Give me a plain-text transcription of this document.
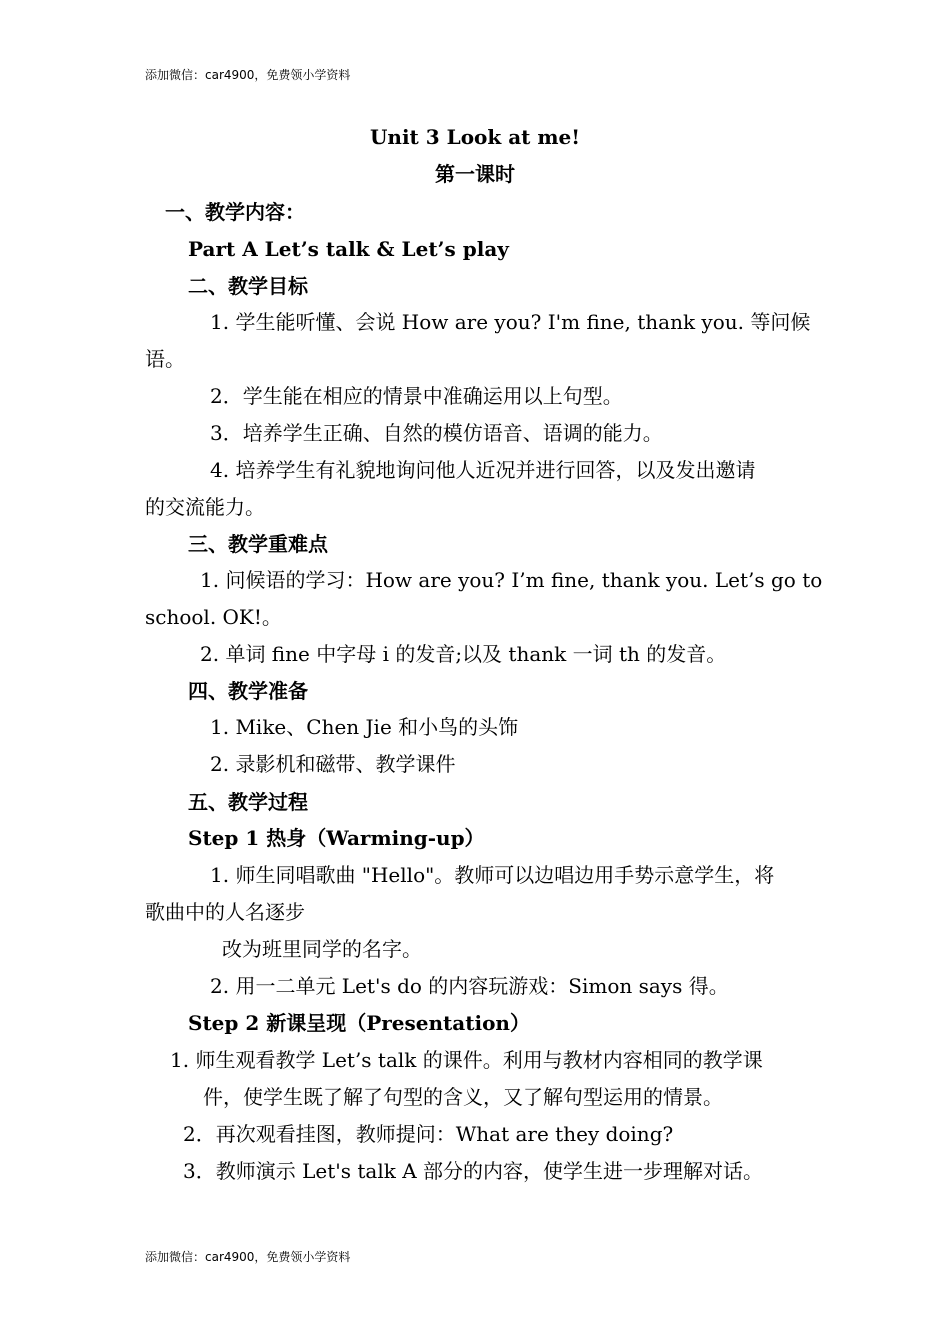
添加微信：car4900，免费领小学资料
Unit 3 Look at me!
第一课时
一、教学内容：
Part A Let’s talk & Let’s play
二、教学目标
1. 学生能听懂、会说 How are you? I'm fine, thank you. 等问候
语。
2．学生能在相应的情景中准确运用以上句型。
3．培养学生正确、自然的模仿语音、语调的能力。
4. 培养学生有礼貌地询问他人近况并进行回答，以及发出邀请
的交流能力。
三、教学重难点
1. 问候语的学习：How are you? I’m fine, thank you. Let’s go to
school. OK!。
2. 单词 fine 中字母 i 的发音;以及 thank 一词 th 的发音。
四、教学准备
1. Mike、Chen Jie 和小鸟的头饰
2. 录影机和磁带、教学课件
五、教学过程
Step 1 热身（Warming-up）
1. 师生同唱歌曲 "Hello"。教师可以边唱边用手势示意学生，将
歌曲中的人名逐步
改为班里同学的名字。
2. 用一二单元 Let's do 的内容玩游戏：Simon says 得。
Step 2 新课呈现（Presentation）
1. 师生观看教学 Let’s talk 的课件。利用与教材内容相同的教学课
件，使学生既了解了句型的含义，又了解句型运用的情景。
2．再次观看挂图，教师提问：What are they doing?
3．教师演示 Let's talk A 部分的内容，使学生进一步理解对话。
添加微信：car4900，免费领小学资料
